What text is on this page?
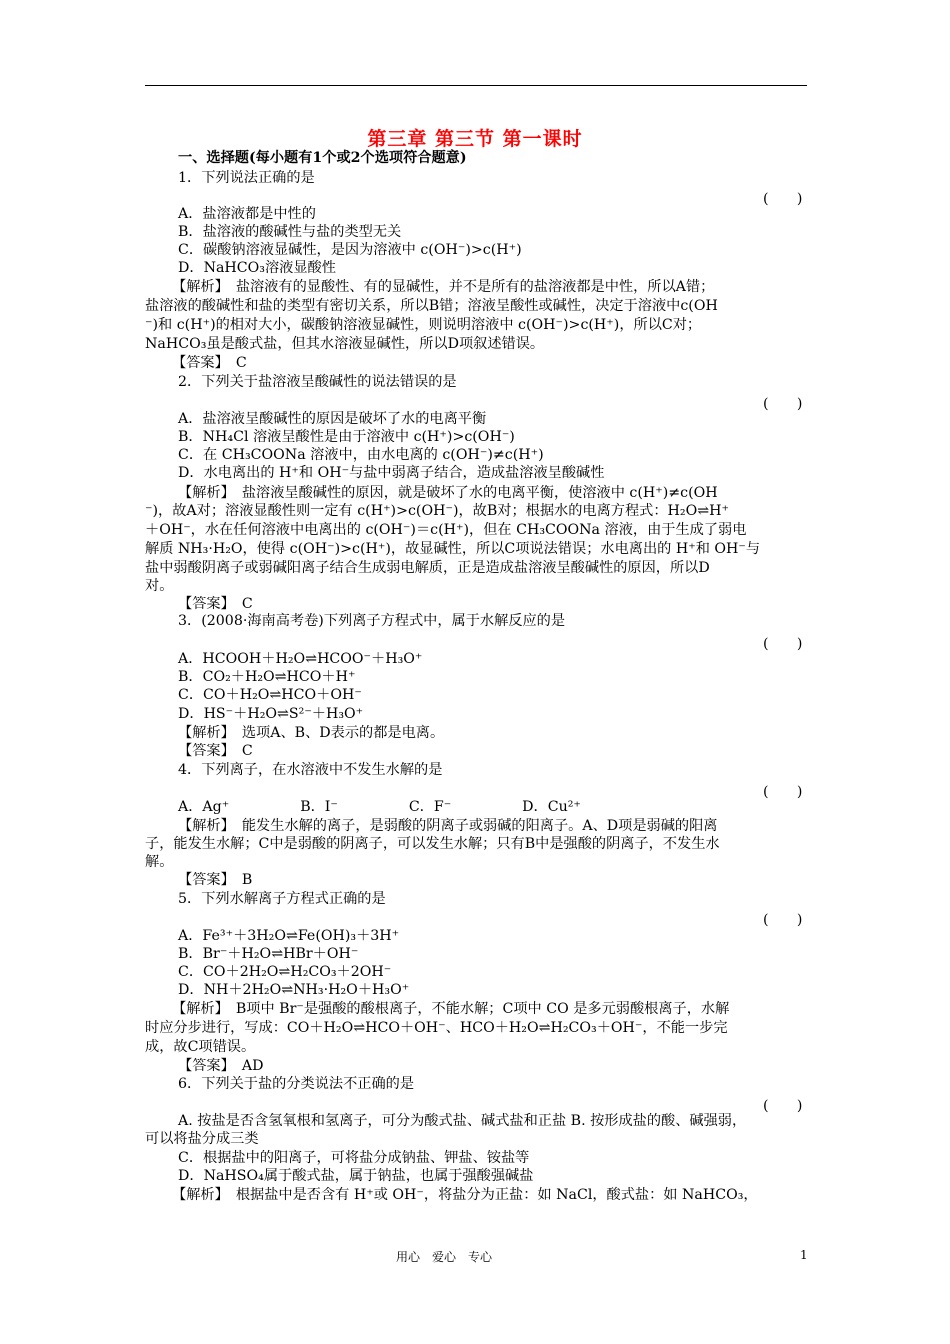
第三章 第三节 第一课时
一、选择题(每小题有1个或2个选项符合题意)
1．下列说法正确的是
(　　)
A．盐溶液都是中性的
B．盐溶液的酸碱性与盐的类型无关
C．碳酸钠溶液显碱性，是因为溶液中 c(OH⁻)>c(H⁺)
D．NaHCO₃溶液显酸性
【解析】　盐溶液有的显酸性、有的显碱性，并不是所有的盐溶液都是中性，所以A错；
盐溶液的酸碱性和盐的类型有密切关系，所以B错；溶液呈酸性或碱性，决定于溶液中c(OH
⁻)和 c(H⁺)的相对大小，碳酸钠溶液显碱性，则说明溶液中 c(OH⁻)>c(H⁺)，所以C对；
NaHCO₃虽是酸式盐，但其水溶液显碱性，所以D项叙述错误。
【答案】　C
2．下列关于盐溶液呈酸碱性的说法错误的是
(　　)
A．盐溶液呈酸碱性的原因是破坏了水的电离平衡
B．NH₄Cl 溶液呈酸性是由于溶液中 c(H⁺)>c(OH⁻)
C．在 CH₃COONa 溶液中，由水电离的 c(OH⁻)≠c(H⁺)
D．水电离出的 H⁺和 OH⁻与盐中弱离子结合，造成盐溶液呈酸碱性
【解析】　盐溶液呈酸碱性的原因，就是破坏了水的电离平衡，使溶液中 c(H⁺)≠c(OH
⁻)，故A对；溶液显酸性则一定有 c(H⁺)>c(OH⁻)，故B对；根据水的电离方程式：H₂O⇌H⁺
＋OH⁻，水在任何溶液中电离出的 c(OH⁻)＝c(H⁺)，但在 CH₃COONa 溶液，由于生成了弱电
解质 NH₃·H₂O，使得 c(OH⁻)>c(H⁺)，故显碱性，所以C项说法错误；水电离出的 H⁺和 OH⁻与
盐中弱酸阴离子或弱碱阳离子结合生成弱电解质，正是造成盐溶液呈酸碱性的原因，所以D
对。
【答案】　C
3．(2008·海南高考卷)下列离子方程式中，属于水解反应的是
(　　)
A．HCOOH＋H₂O⇌HCOO⁻＋H₃O⁺
B．CO₂＋H₂O⇌HCO＋H⁺
C．CO＋H₂O⇌HCO＋OH⁻
D．HS⁻＋H₂O⇌S²⁻＋H₃O⁺
【解析】　选项A、B、D表示的都是电离。
【答案】　C
4．下列离子，在水溶液中不发生水解的是
(　　)
A．Ag⁺　　　　　B．I⁻　　　　　C．F⁻　　　　　D．Cu²⁺
【解析】　能发生水解的离子，是弱酸的阴离子或弱碱的阳离子。A、D项是弱碱的阳离
子，能发生水解；C中是弱酸的阴离子，可以发生水解；只有B中是强酸的阴离子，不发生水
解。
【答案】　B
5．下列水解离子方程式正确的是
(　　)
A．Fe³⁺＋3H₂O⇌Fe(OH)₃＋3H⁺
B．Br⁻＋H₂O⇌HBr＋OH⁻
C．CO＋2H₂O⇌H₂CO₃＋2OH⁻
D．NH＋2H₂O⇌NH₃·H₂O＋H₃O⁺
【解析】　B项中 Br⁻是强酸的酸根离子，不能水解；C项中 CO 是多元弱酸根离子，水解
时应分步进行，写成：CO＋H₂O⇌HCO＋OH⁻、HCO＋H₂O⇌H₂CO₃＋OH⁻，不能一步完
成，故C项错误。
【答案】　AD
6．下列关于盐的分类说法不正确的是
(　　)
A. 按盐是否含氢氧根和氢离子，可分为酸式盐、碱式盐和正盐 B. 按形成盐的酸、碱强弱，
可以将盐分成三类
C．根据盐中的阳离子，可将盐分成钠盐、钾盐、铵盐等
D．NaHSO₄属于酸式盐，属于钠盐，也属于强酸强碱盐
【解析】　根据盐中是否含有 H⁺或 OH⁻，将盐分为正盐：如 NaCl，酸式盐：如 NaHCO₃，
用心　爱心　专心	1
